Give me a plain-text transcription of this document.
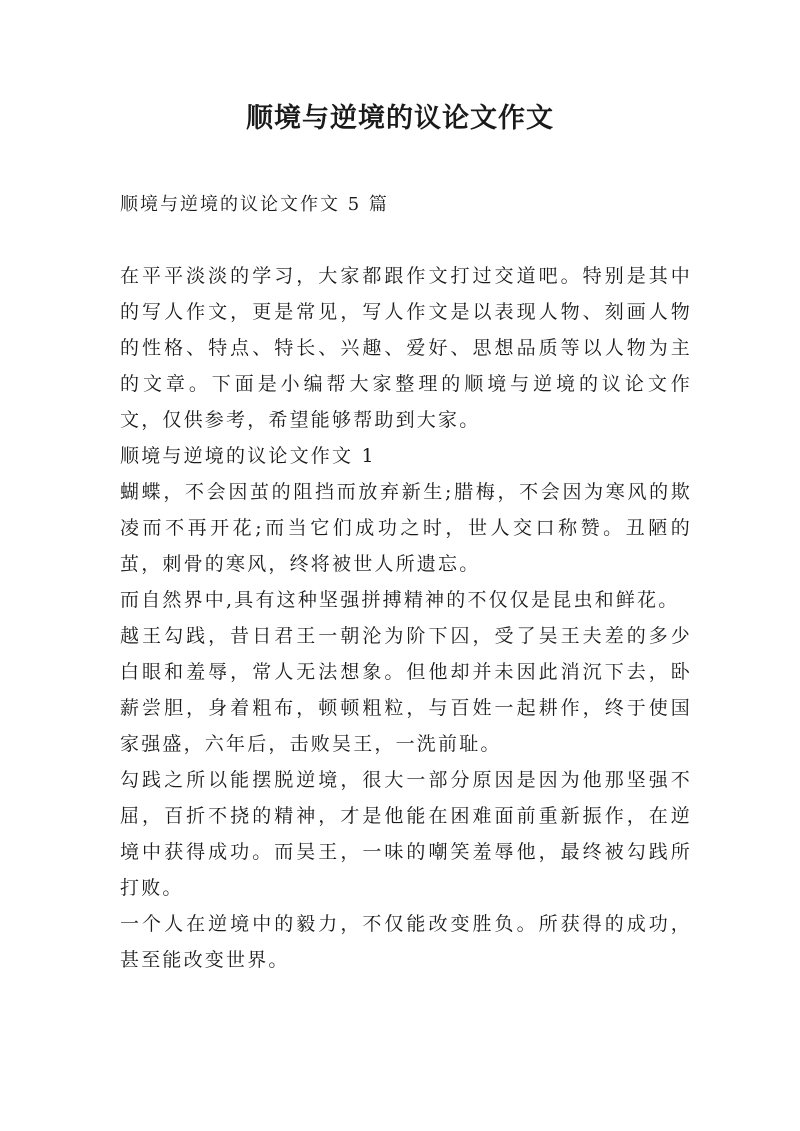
顺境与逆境的议论文作文

顺境与逆境的议论文作文 5 篇

在平平淡淡的学习，大家都跟作文打过交道吧。特别是其中的写人作文，更是常见，写人作文是以表现人物、刻画人物的性格、特点、特长、兴趣、爱好、思想品质等以人物为主的文章。下面是小编帮大家整理的顺境与逆境的议论文作文，仅供参考，希望能够帮助到大家。

顺境与逆境的议论文作文 1

蝴蝶，不会因茧的阻挡而放弃新生;腊梅，不会因为寒风的欺凌而不再开花;而当它们成功之时，世人交口称赞。丑陋的茧，刺骨的寒风，终将被世人所遗忘。

而自然界中,具有这种坚强拼搏精神的不仅仅是昆虫和鲜花。

越王勾践，昔日君王一朝沦为阶下囚，受了吴王夫差的多少白眼和羞辱，常人无法想象。但他却并未因此消沉下去，卧薪尝胆，身着粗布，顿顿粗粒，与百姓一起耕作，终于使国家强盛，六年后，击败吴王，一洗前耻。

勾践之所以能摆脱逆境，很大一部分原因是因为他那坚强不屈，百折不挠的精神，才是他能在困难面前重新振作，在逆境中获得成功。而吴王，一味的嘲笑羞辱他，最终被勾践所打败。

一个人在逆境中的毅力，不仅能改变胜负。所获得的成功，甚至能改变世界。
